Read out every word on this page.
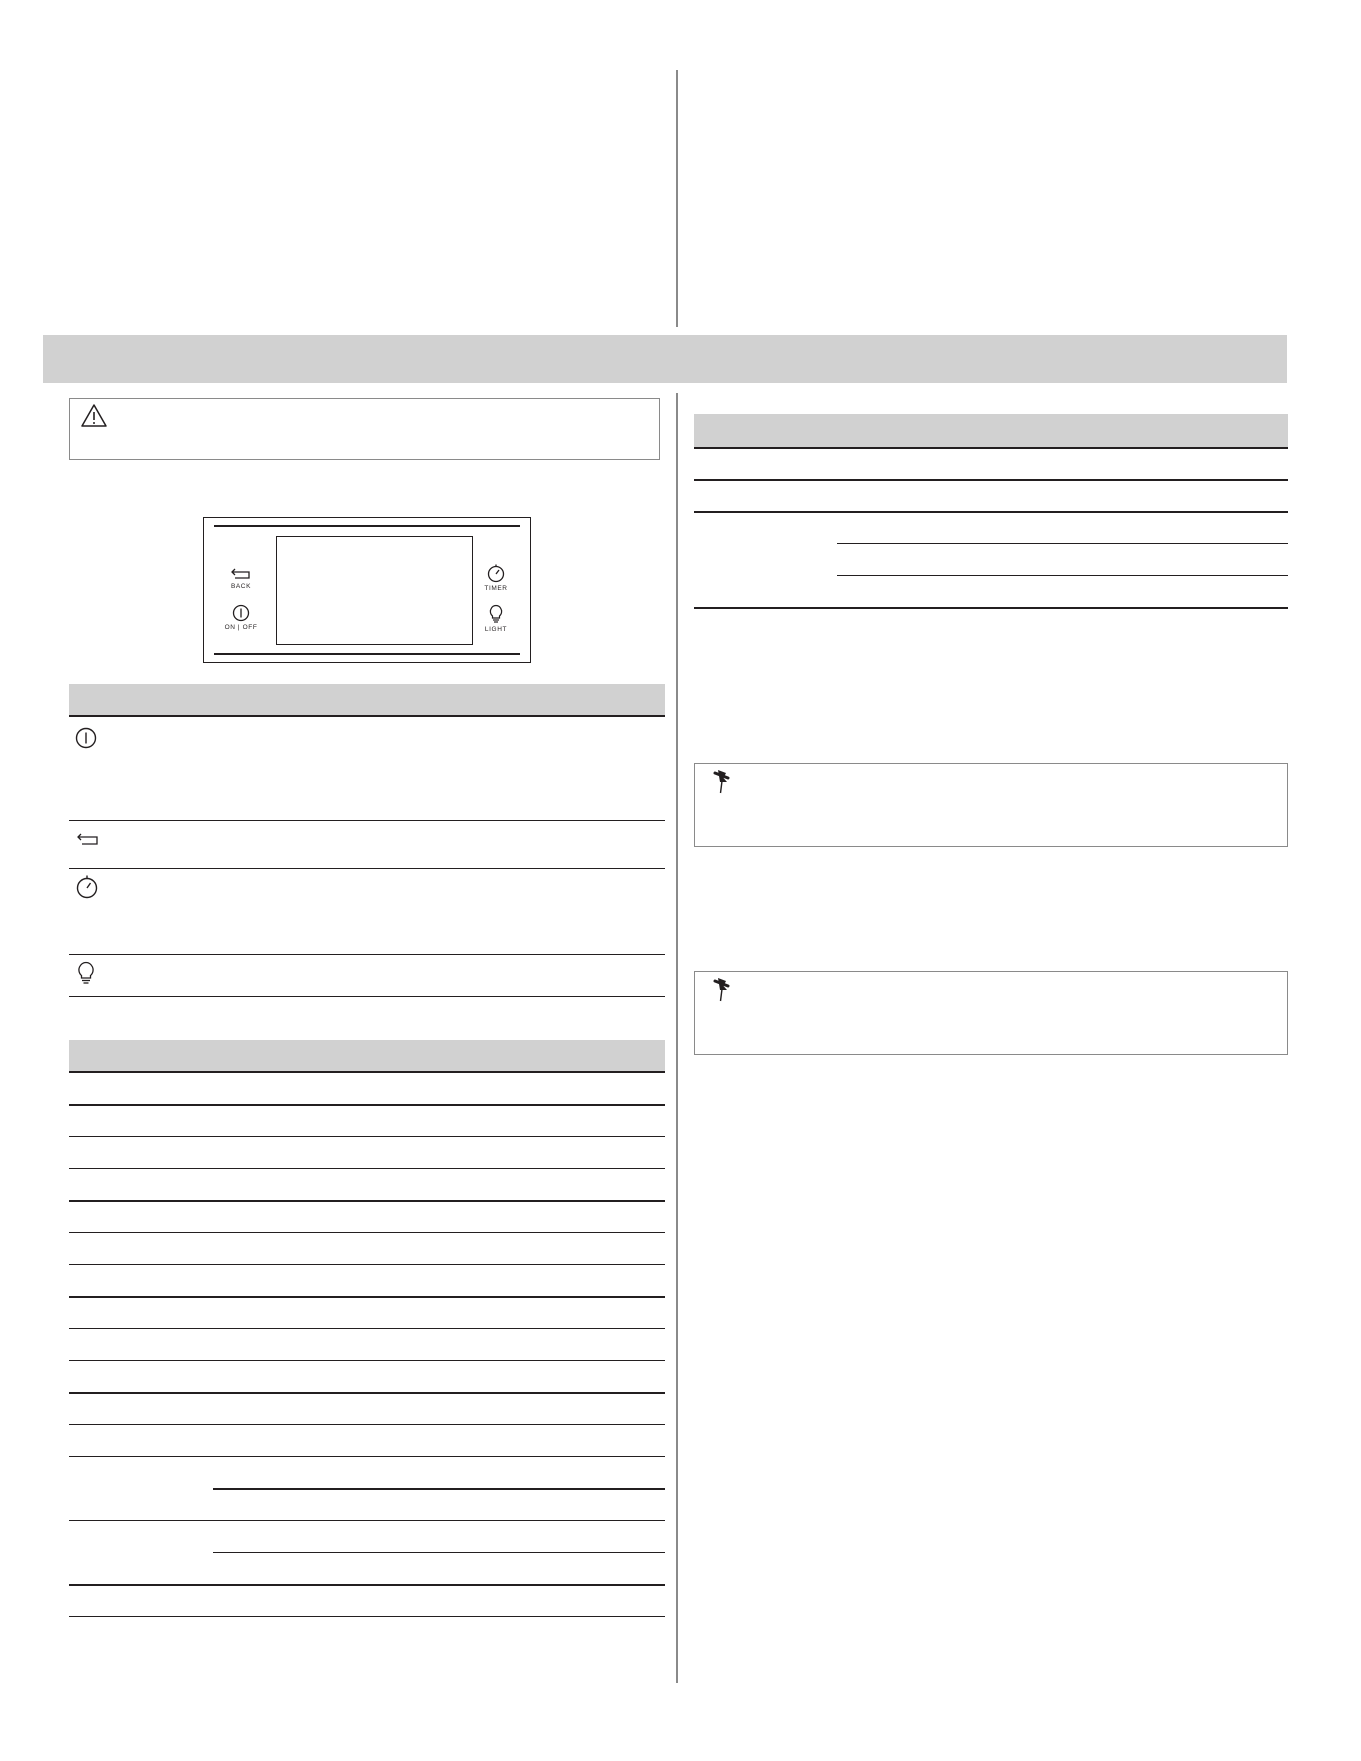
BACK
ON | OFF
TIMER
LIGHT
